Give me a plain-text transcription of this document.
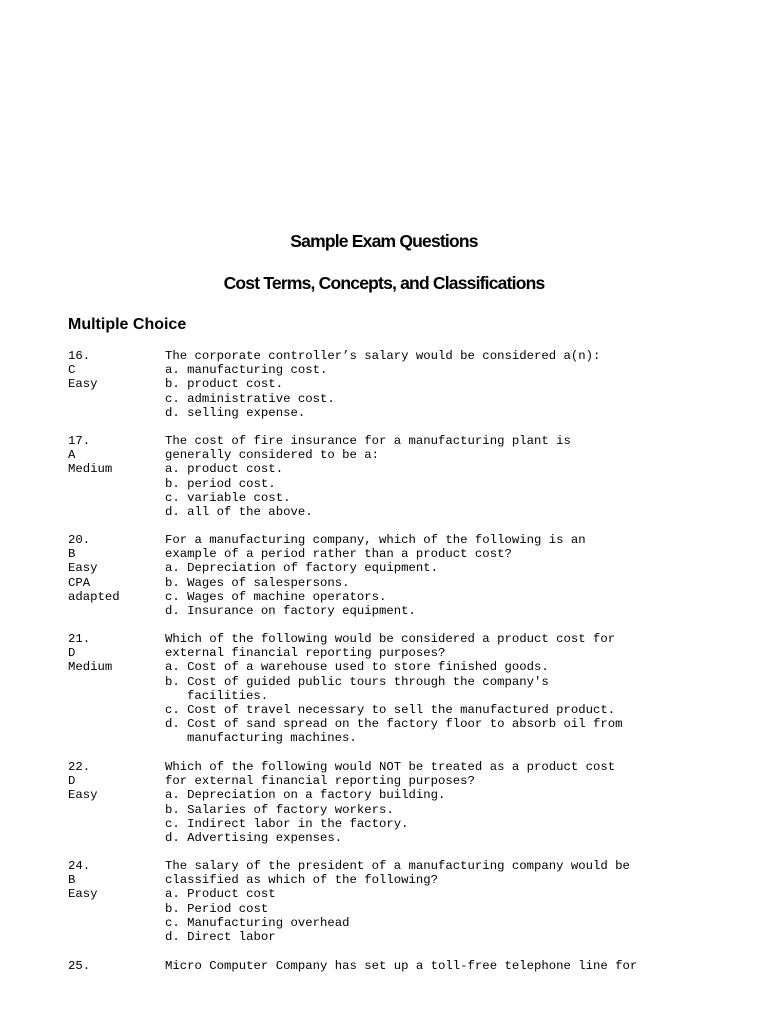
Sample Exam Questions
Cost Terms, Concepts, and Classifications
Multiple Choice
16.
C
Easy
The corporate controller’s salary would be considered a(n):
a. manufacturing cost.
b. product cost.
c. administrative cost.
d. selling expense.
17.
A
Medium
The cost of fire insurance for a manufacturing plant is
generally considered to be a:
a. product cost.
b. period cost.
c. variable cost.
d. all of the above.
20.
B
Easy
CPA
adapted
For a manufacturing company, which of the following is an
example of a period rather than a product cost?
a. Depreciation of factory equipment.
b. Wages of salespersons.
c. Wages of machine operators.
d. Insurance on factory equipment.
21.
D
Medium
Which of the following would be considered a product cost for
external financial reporting purposes?
a. Cost of a warehouse used to store finished goods.
b. Cost of guided public tours through the company's
facilities.
c. Cost of travel necessary to sell the manufactured product.
d. Cost of sand spread on the factory floor to absorb oil from
manufacturing machines.
22.
D
Easy
Which of the following would NOT be treated as a product cost
for external financial reporting purposes?
a. Depreciation on a factory building.
b. Salaries of factory workers.
c. Indirect labor in the factory.
d. Advertising expenses.
24.
B
Easy
The salary of the president of a manufacturing company would be
classified as which of the following?
a. Product cost
b. Period cost
c. Manufacturing overhead
d. Direct labor
25.	Micro Computer Company has set up a toll-free telephone line for
